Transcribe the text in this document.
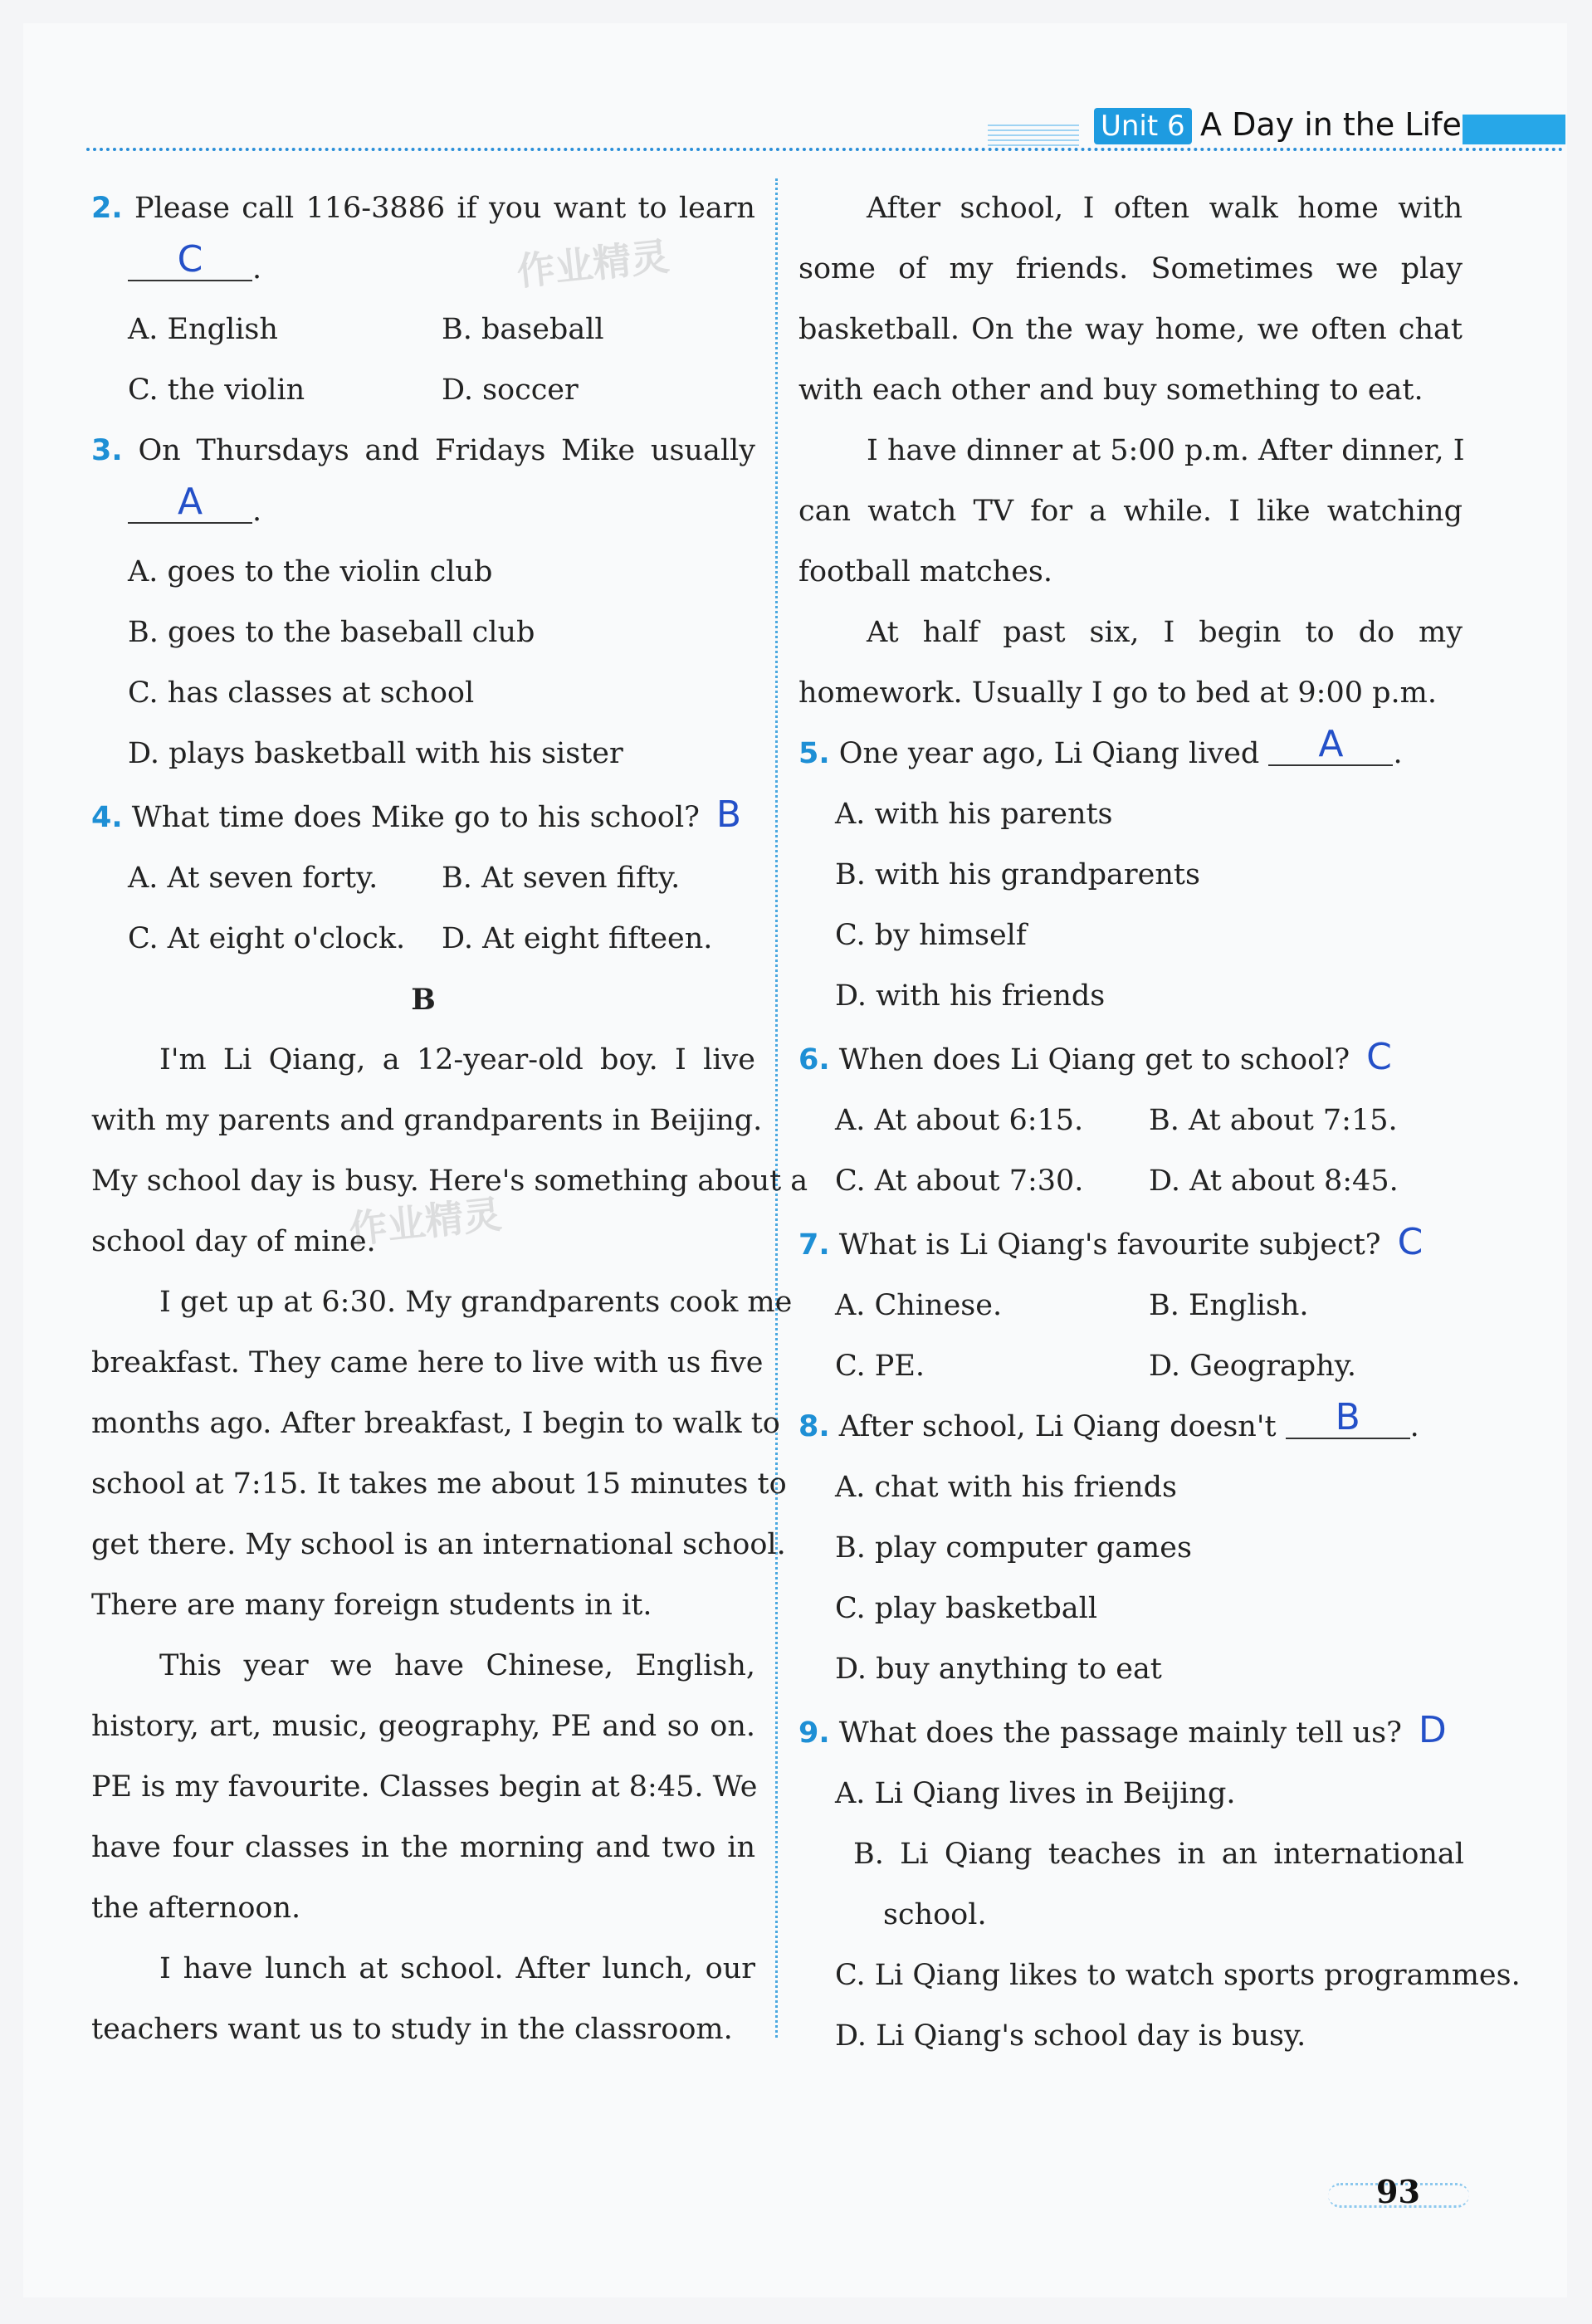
Unit 6 A Day in the Life
作业精灵
作业精灵
2. Please call 116-3886 if you want to learn
C	.
A. English	B. baseball
C. the violin	D. soccer
3. On Thursdays and Fridays Mike usually
A	.
A. goes to the violin club
B. goes to the baseball club
C. has classes at school
D. plays basketball with his sister
4. What time does Mike go to his school? B
A. At seven forty.	B. At seven fifty.
C. At eight o'clock.	D. At eight fifteen.
B
I'm Li Qiang, a 12-year-old boy. I live
with my parents and grandparents in Beijing.
My school day is busy. Here's something about a
school day of mine.
I get up at 6:30. My grandparents cook me
breakfast. They came here to live with us five
months ago. After breakfast, I begin to walk to
school at 7:15. It takes me about 15 minutes to
get there. My school is an international school.
There are many foreign students in it.
This year we have Chinese, English,
history, art, music, geography, PE and so on.
PE is my favourite. Classes begin at 8:45. We
have four classes in the morning and two in
the afternoon.
I have lunch at school. After lunch, our
teachers want us to study in the classroom.
After school, I often walk home with
some of my friends. Sometimes we play
basketball. On the way home, we often chat
with each other and buy something to eat.
I have dinner at 5:00 p.m. After dinner, I
can watch TV for a while. I like watching
football matches.
At half past six, I begin to do my
homework. Usually I go to bed at 9:00 p.m.
5. One year ago, Li Qiang lived	A	.
A. with his parents
B. with his grandparents
C. by himself
D. with his friends
6. When does Li Qiang get to school? C
A. At about 6:15.	B. At about 7:15.
C. At about 7:30.	D. At about 8:45.
7. What is Li Qiang's favourite subject? C
A. Chinese.	B. English.
C. PE.	D. Geography.
8. After school, Li Qiang doesn't	B	.
A. chat with his friends
B. play computer games
C. play basketball
D. buy anything to eat
9. What does the passage mainly tell us? D
A. Li Qiang lives in Beijing.
B. Li Qiang teaches in an international school.
C. Li Qiang likes to watch sports programmes.
D. Li Qiang's school day is busy.
93
